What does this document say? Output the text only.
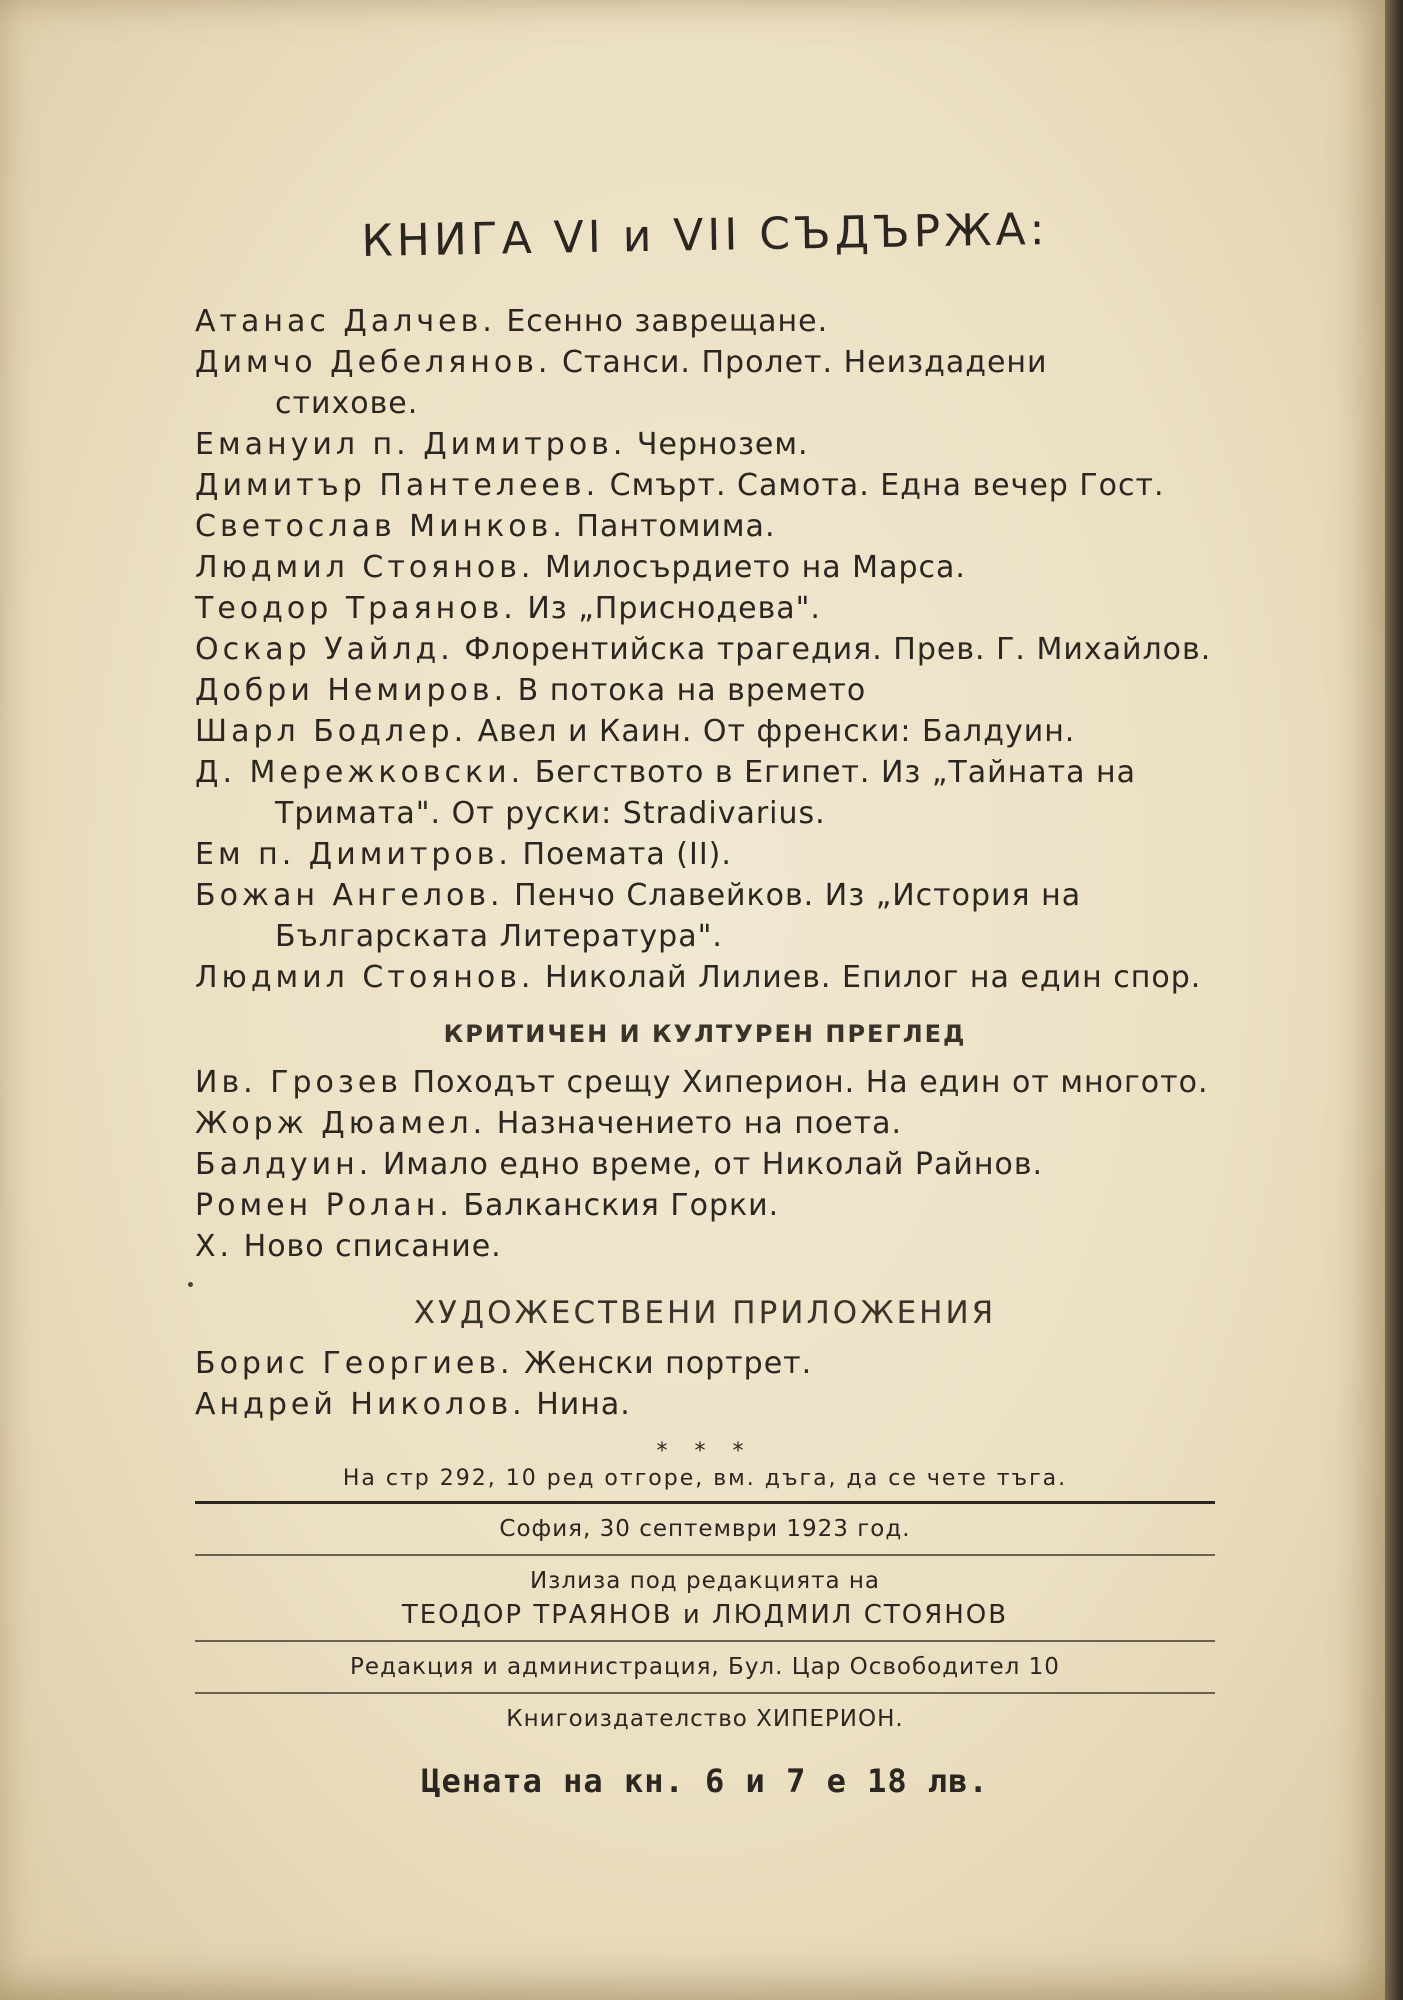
КНИГА VI и VII СЪДЪРЖА:
Атанас Далчев. Есенно заврещане.
Димчо Дебелянов. Станси. Пролет. Неиздадени
стихове.
Емануил п. Димитров. Чернозем.
Димитър Пантелеев. Смърт. Самота. Една вечер Гост.
Светослав Минков. Пантомима.
Людмил Стоянов. Милосърдието на Марса.
Теодор Траянов. Из „Приснодева".
Оскар Уайлд. Флорентийска трагедия. Прев. Г. Михайлов.
Добри Немиров. В потока на времето
Шарл Бодлер. Авел и Каин. От френски: Балдуин.
Д. Мережковски. Бегството в Египет. Из „Тайната на
Тримата". От руски: Stradivarius.
Ем п. Димитров. Поемата (II).
Божан Ангелов. Пенчо Славейков. Из „История на
Българската Литература".
Людмил Стоянов. Николай Лилиев. Епилог на един спор.
КРИТИЧЕН И КУЛТУРЕН ПРЕГЛЕД
Ив. Грозев Походът срещу Хиперион. На един от многото.
Жорж Дюамел. Назначението на поета.
Балдуин. Имало едно време, от Николай Райнов.
Ромен Ролан. Балканския Горки.
Х. Ново списание.
ХУДОЖЕСТВЕНИ ПРИЛОЖЕНИЯ
Борис Георгиев. Женски портрет.
Андрей Николов. Нина.
* * *
На стр 292, 10 ред отгоре, вм. дъга, да се чете тъга.
София, 30 септември 1923 год.
Излиза под редакцията на
ТЕОДОР ТРАЯНОВ и ЛЮДМИЛ СТОЯНОВ
Редакция и администрация, Бул. Цар Освободител 10
Книгоиздателство ХИПЕРИОН.
Цената на кн. 6 и 7 е 18 лв.
